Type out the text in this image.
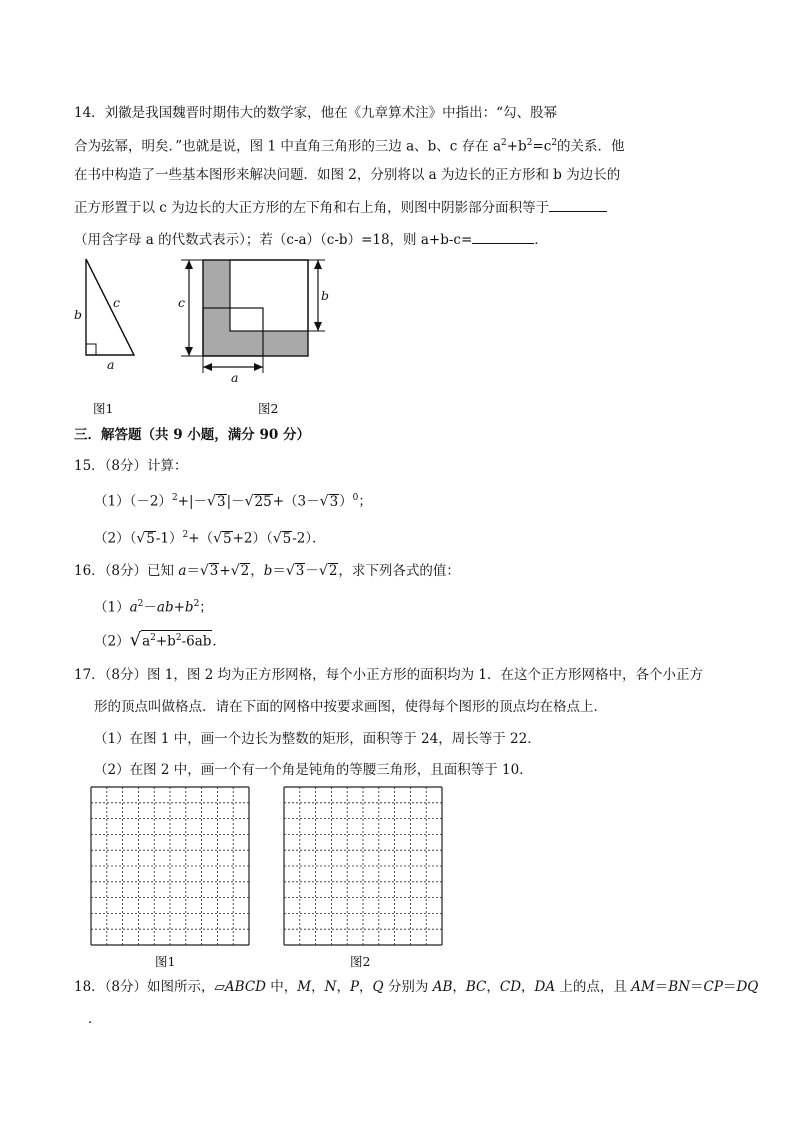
14．刘徽是我国魏晋时期伟大的数学家，他在《九章算术注》中指出：“勾、股幂
合为弦幂，明矣．”也就是说，图 1 中直角三角形的三边 a、b、c 存在 $a^2+b^2=c^2$的关系．他
在书中构造了一些基本图形来解决问题．如图 2，分别将以 a 为边长的正方形和 b 为边长的
正方形置于以 c 为边长的大正方形的左下角和右上角，则图中阴影部分面积等于
（用含字母 a 的代数式表示）；若（c-a）（c-b）=18，则 a+b-c=	．
b
c
a
图1
c	b
a
图2
三．解答题（共 9 小题，满分 90 分）
15．（8分）计算：
$(1)(-2)^2+|-√3|-√25+(3-√3)^0$；
$(2)(√5-1)^2+(√5+2)(√5-2)$．
16．（8分）已知 a＝√3+√2，b＝√3－√2，求下列各式的值：
$(1)a^2-ab+b^2$；
$(2)√a^2+b^2-6ab$．
17．（8分）图 1，图 2 均为正方形网格，每个小正方形的面积均为 1．在这个正方形网格中，各个小正方
形的顶点叫做格点．请在下面的网格中按要求画图，使得每个图形的顶点均在格点上．
（1）在图 1 中，画一个边长为整数的矩形，面积等于 24，周长等于 22．
（2）在图 2 中，画一个有一个角是钝角的等腰三角形，且面积等于 10．
图1	图2
18．（8分）如图所示，▱ABCD 中，M，N，P，Q 分别为 AB，BC，CD，DA 上的点，且 AM＝BN＝CP＝DQ
．
